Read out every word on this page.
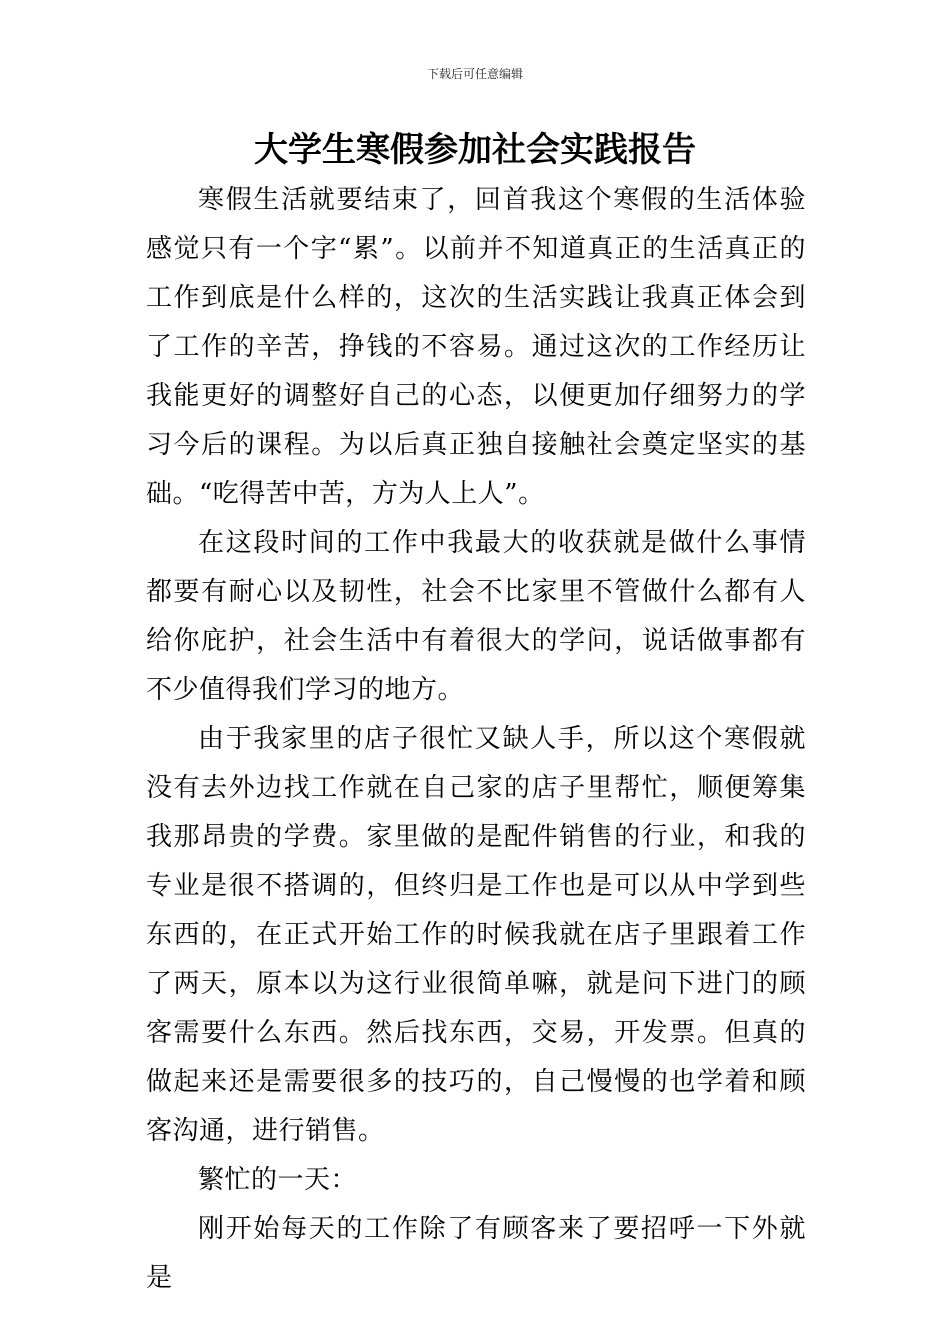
下载后可任意编辑
大学生寒假参加社会实践报告

寒假生活就要结束了，回首我这个寒假的生活体验感觉只有一个字“累”。以前并不知道真正的生活真正的工作到底是什么样的，这次的生活实践让我真正体会到了工作的辛苦，挣钱的不容易。通过这次的工作经历让我能更好的调整好自己的心态，以便更加仔细努力的学习今后的课程。为以后真正独自接触社会奠定坚实的基础。“吃得苦中苦，方为人上人”。

在这段时间的工作中我最大的收获就是做什么事情都要有耐心以及韧性，社会不比家里不管做什么都有人给你庇护，社会生活中有着很大的学问，说话做事都有不少值得我们学习的地方。

由于我家里的店子很忙又缺人手，所以这个寒假就没有去外边找工作就在自己家的店子里帮忙，顺便筹集我那昂贵的学费。家里做的是配件销售的行业，和我的专业是很不搭调的，但终归是工作也是可以从中学到些东西的，在正式开始工作的时候我就在店子里跟着工作了两天，原本以为这行业很简单嘛，就是问下进门的顾客需要什么东西。然后找东西，交易，开发票。但真的做起来还是需要很多的技巧的，自己慢慢的也学着和顾客沟通，进行销售。

繁忙的一天：

刚开始每天的工作除了有顾客来了要招呼一下外就是
